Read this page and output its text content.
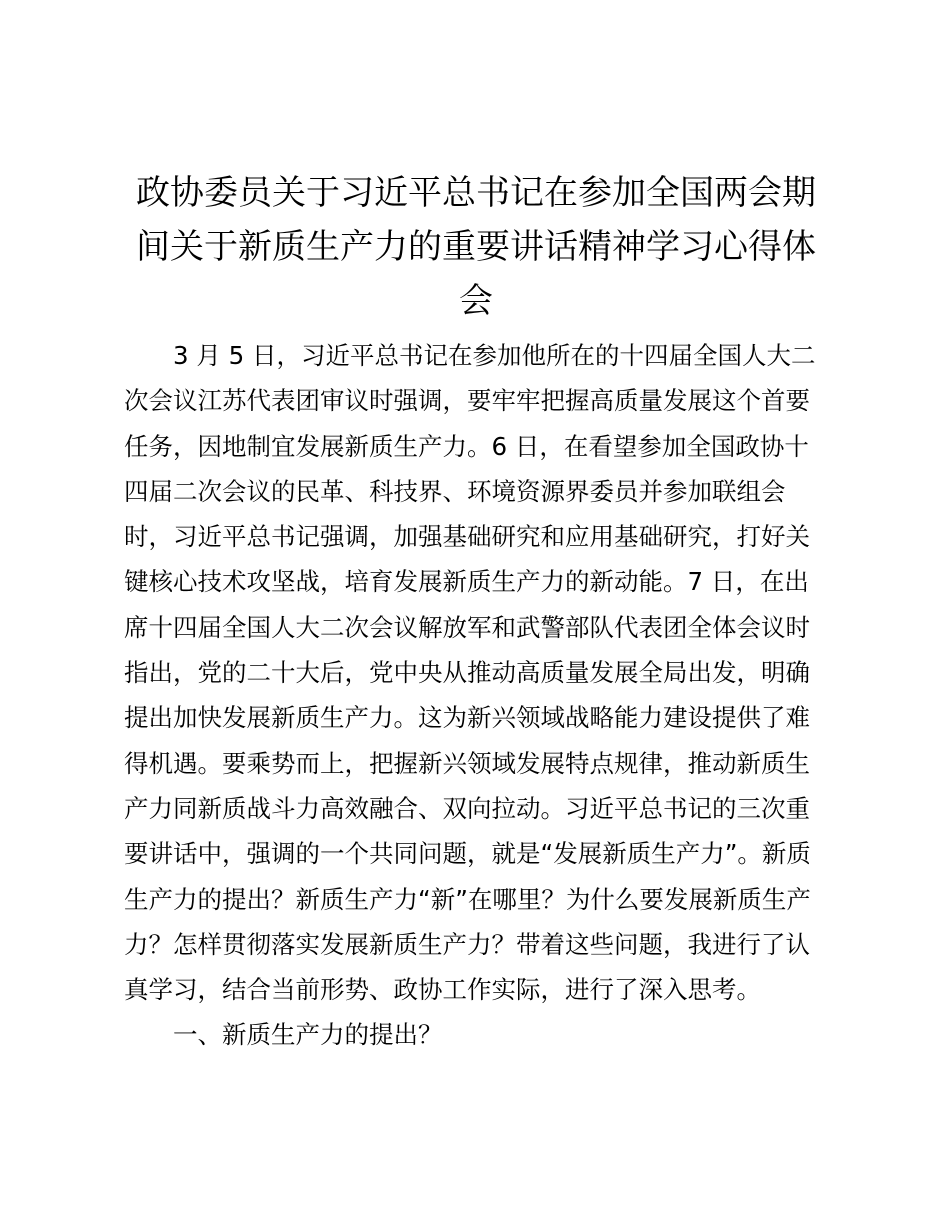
政协委员关于习近平总书记在参加全国两会期
间关于新质生产力的重要讲话精神学习心得体
会
3 月 5 日，习近平总书记在参加他所在的十四届全国人大二
次会议江苏代表团审议时强调，要牢牢把握高质量发展这个首要
任务，因地制宜发展新质生产力。6 日，在看望参加全国政协十
四届二次会议的民革、科技界、环境资源界委员并参加联组会
时，习近平总书记强调，加强基础研究和应用基础研究，打好关
键核心技术攻坚战，培育发展新质生产力的新动能。7 日，在出
席十四届全国人大二次会议解放军和武警部队代表团全体会议时
指出，党的二十大后，党中央从推动高质量发展全局出发，明确
提出加快发展新质生产力。这为新兴领域战略能力建设提供了难
得机遇。要乘势而上，把握新兴领域发展特点规律，推动新质生
产力同新质战斗力高效融合、双向拉动。习近平总书记的三次重
要讲话中，强调的一个共同问题，就是“发展新质生产力”。新质
生产力的提出？新质生产力“新”在哪里？为什么要发展新质生产
力？怎样贯彻落实发展新质生产力？带着这些问题，我进行了认
真学习，结合当前形势、政协工作实际，进行了深入思考。
一、新质生产力的提出？
